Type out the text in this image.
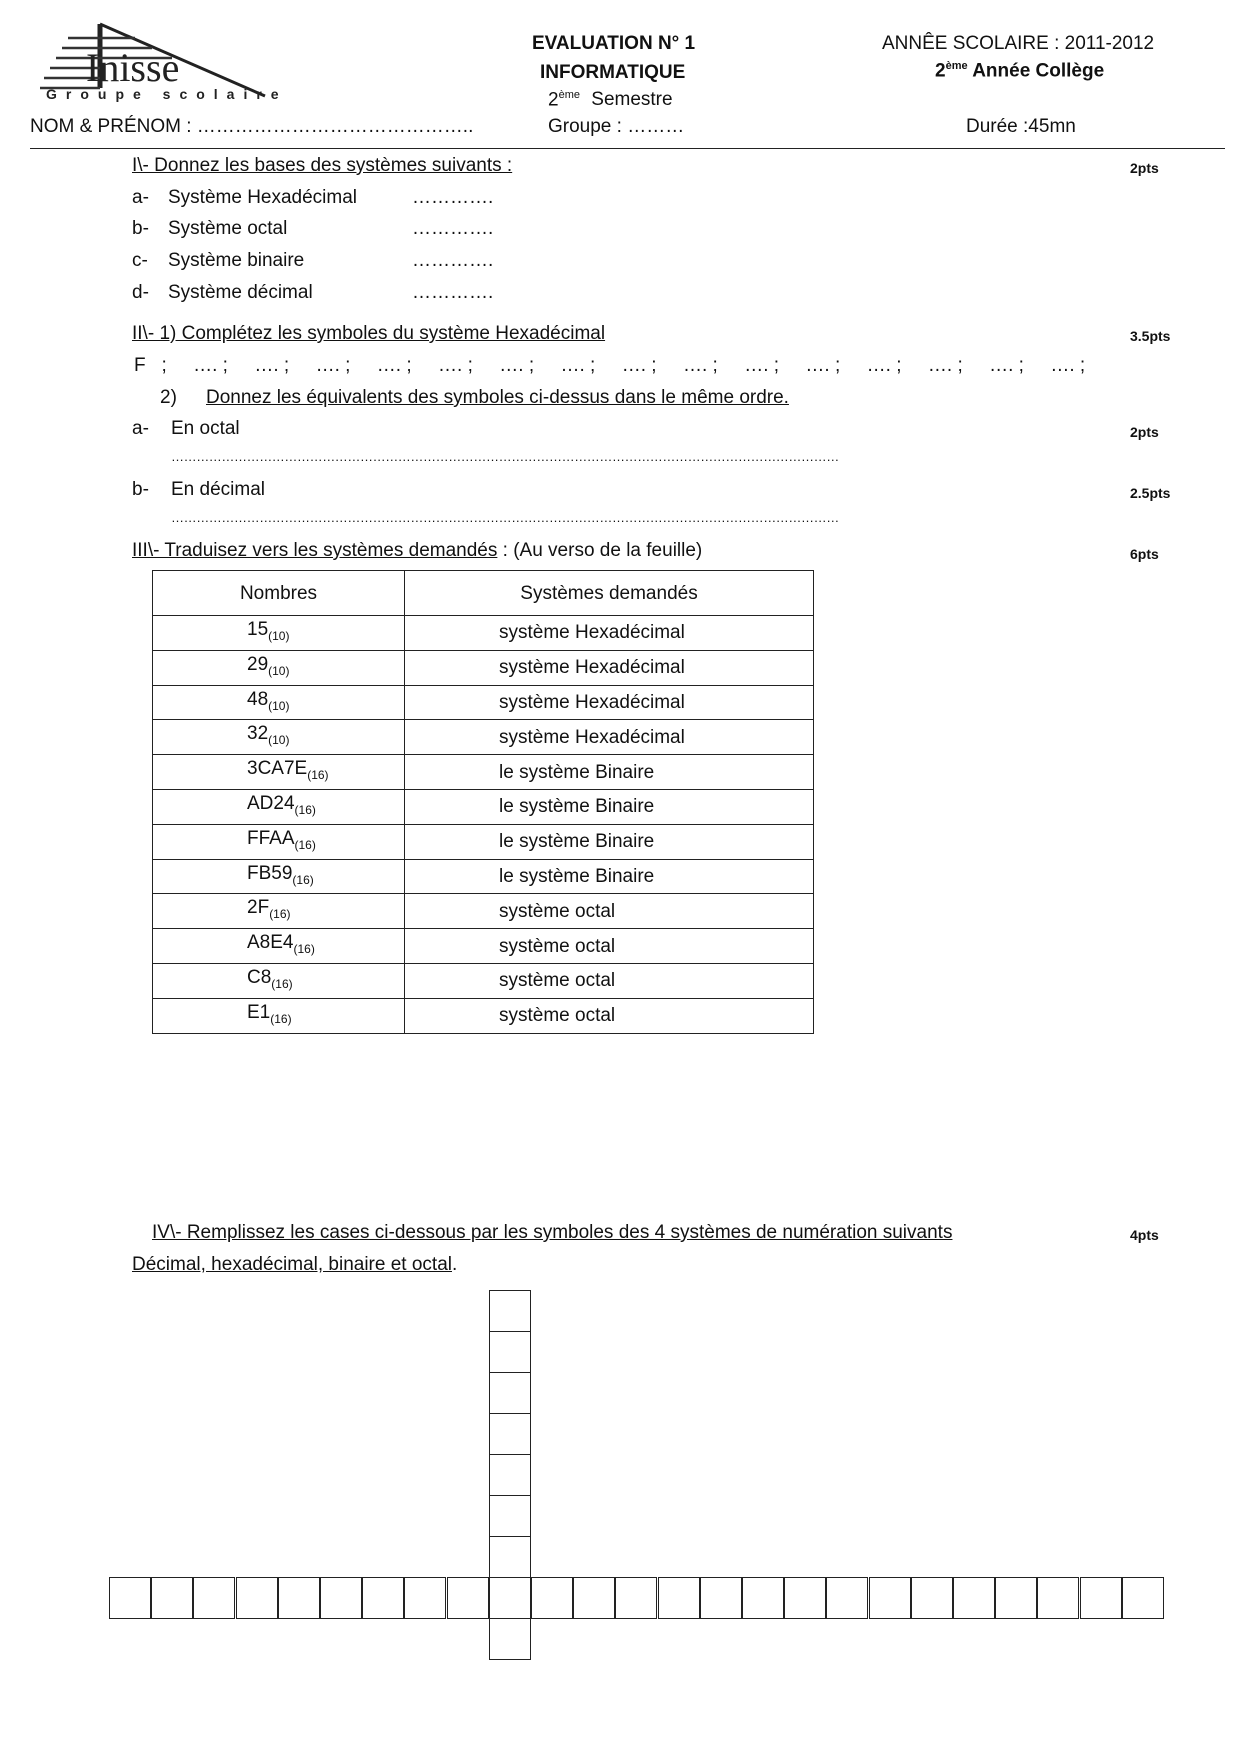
Inisse
Groupe scolaire
EVALUATION N° 1
INFORMATIQUE
2ème Semestre
ANNÊE SCOLAIRE : 2011-2012
2ème Année Collège
NOM & PRÉNOM : ……………………………………..	Groupe : ………	Durée :45mn
I\- Donnez les bases des systèmes suivants :	2pts
a- Système Hexadécimal	………….
b- Système octal	………….
c- Système binaire	………….
d- Système décimal	………….
II\- 1) Complétez les symboles du système Hexadécimal	3.5pts
F   ;     …. ;     …. ;     …. ;     …. ;     …. ;     …. ;     …. ;     …. ;     …. ;     …. ;     …. ;     …. ;     …. ;     …. ;     …. ;
2) Donnez les équivalents des symboles ci-dessus dans le même ordre.
a- En octal	2pts
……………………………………………………………………………………………………………………………………………
b- En décimal	2.5pts
……………………………………………………………………………………………………………………………………………
III\- Traduisez vers les systèmes demandés : (Au verso de la feuille)	6pts
Nombres	Systèmes demandés
$15_{(10)}$	système Hexadécimal
$29_{(10)}$	système Hexadécimal
$48_{(10)}$	système Hexadécimal
$32_{(10)}$	système Hexadécimal
$3CA7E_{(16)}$	le système Binaire
$AD24_{(16)}$	le système Binaire
$FFAA_{(16)}$	le système Binaire
$FB59_{(16)}$	le système Binaire
$2F_{(16)}$	système octal
$A8E4_{(16)}$	système octal
$C8_{(16)}$	système octal
$E1_{(16)}$	système octal
IV\- Remplissez les cases ci-dessous par les symboles des 4 systèmes de numération suivants	4pts
Décimal, hexadécimal, binaire et octal.
